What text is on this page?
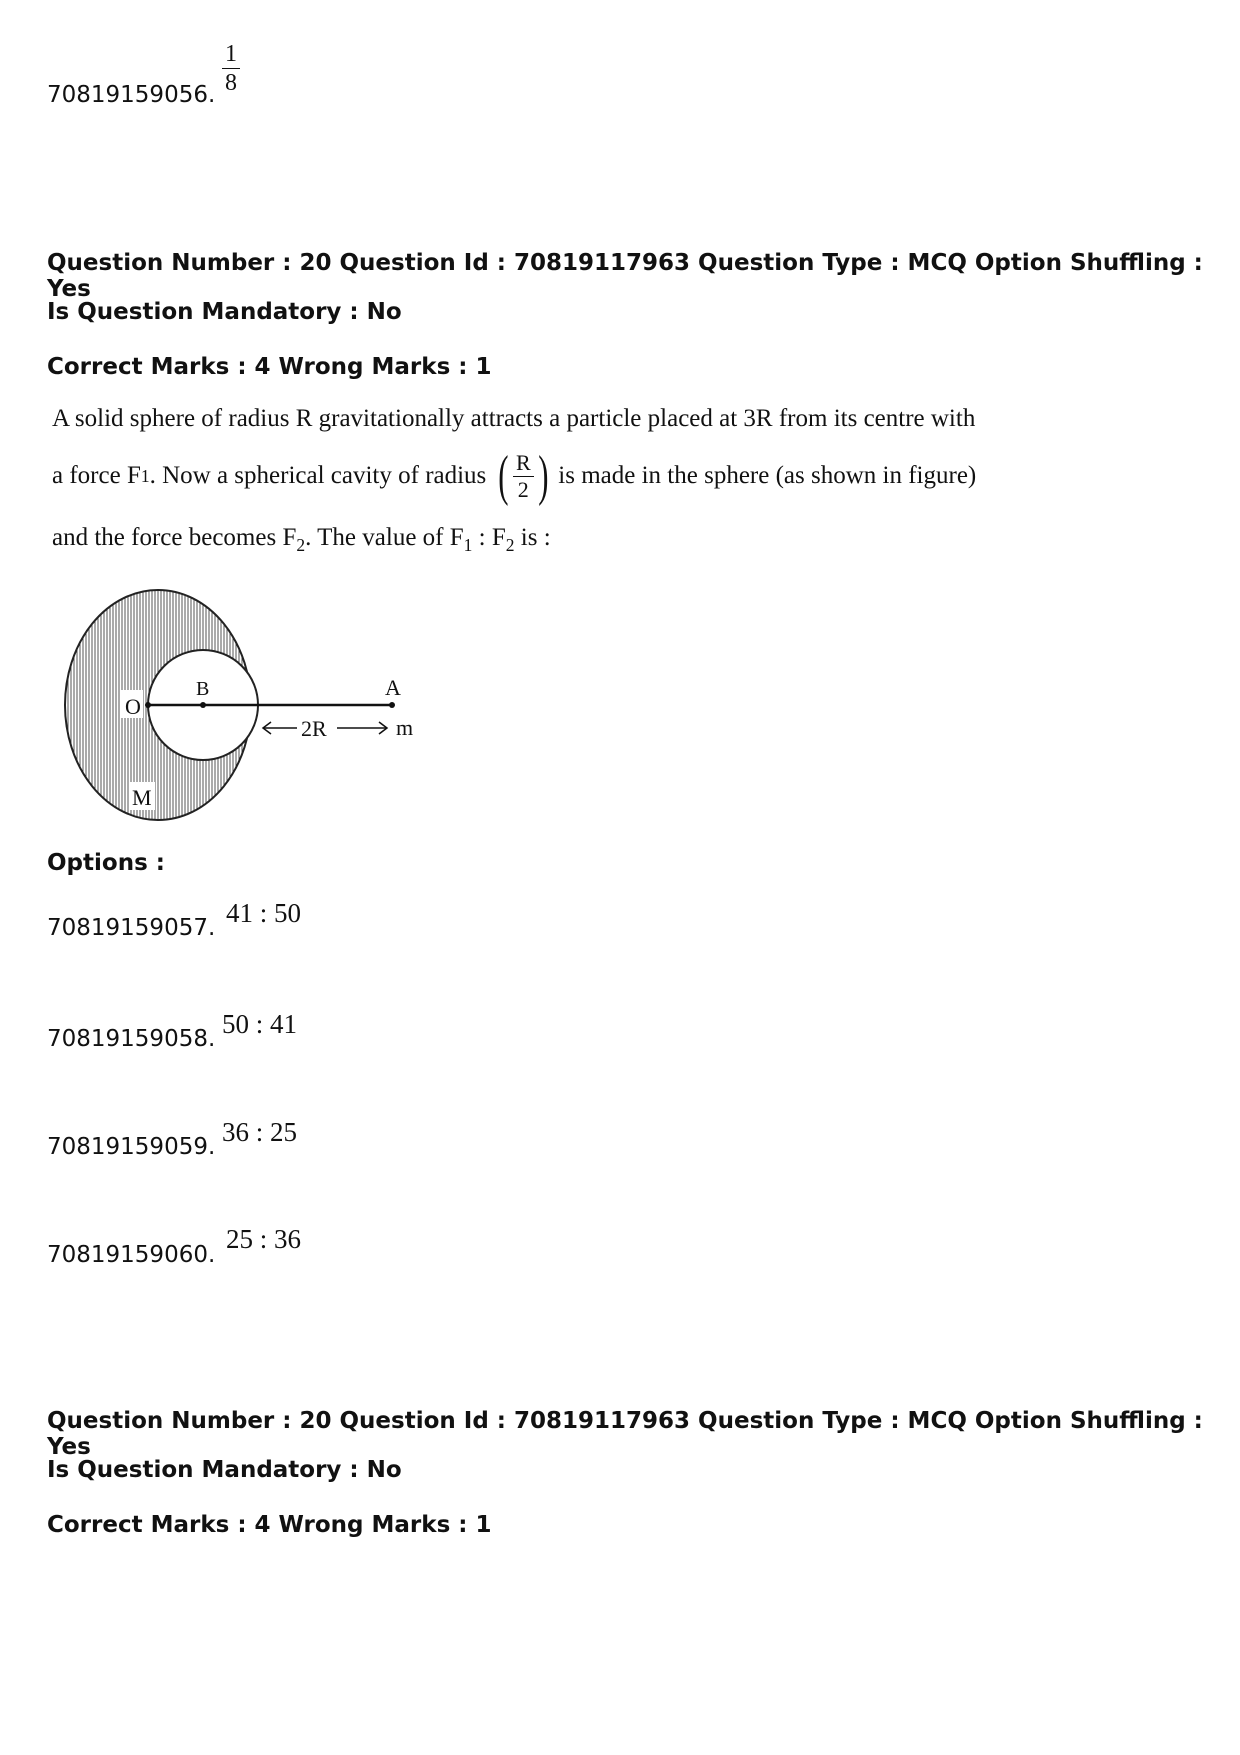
70819159056. $\frac{1}{8}$
Question Number : 20 Question Id : 70819117963 Question Type : MCQ Option Shuffling : Yes
Is Question Mandatory : No
Correct Marks : 4 Wrong Marks : 1
A solid sphere of radius R gravitationally attracts a particle placed at 3R from its centre with
a force F 1 . Now a spherical cavity of radius ( $\frac{R}{2}$ ) is made in the sphere (as shown in figure)
and the force becomes $F_2$. The value of $F_1$ : $F_2$ is :
O
B	A
M
m
2R
Options :
70819159057. 41 : 50
70819159058. 50 : 41
70819159059. 36 : 25
70819159060.
25 : 36
Question Number : 20 Question Id : 70819117963 Question Type : MCQ Option Shuffling : Yes
Is Question Mandatory : No
Correct Marks : 4 Wrong Marks : 1
